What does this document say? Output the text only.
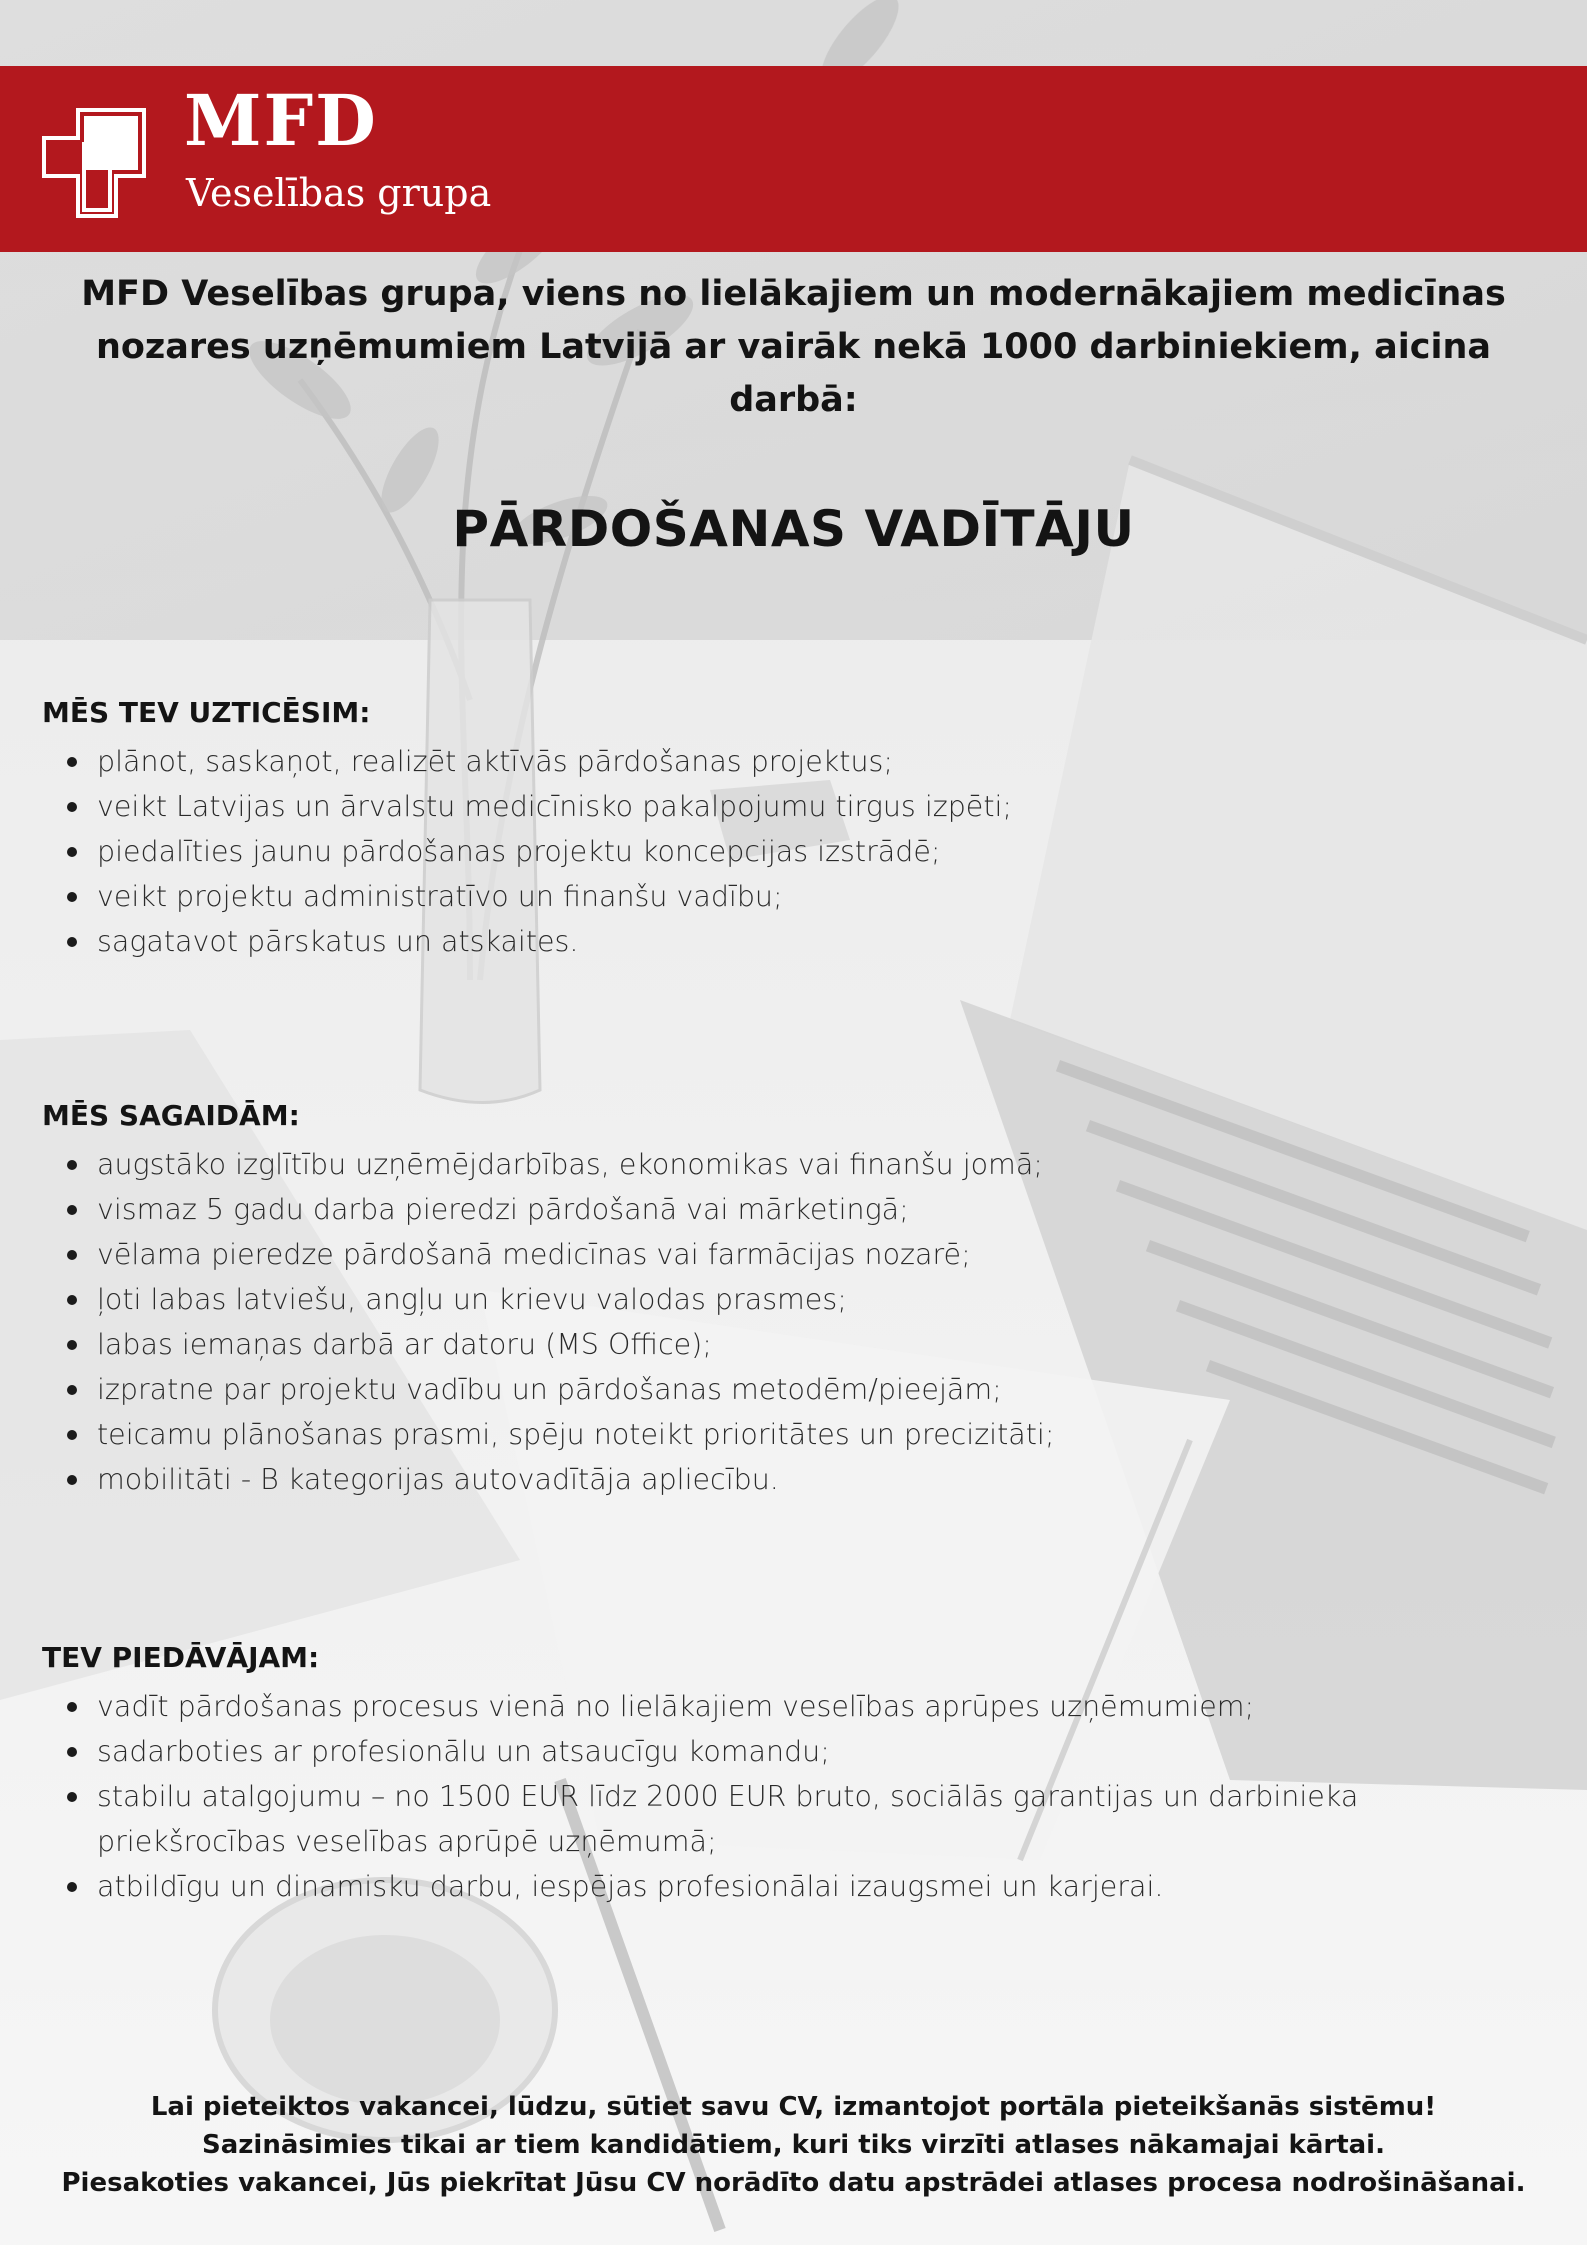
MFD
Veselības grupa
MFD Veselības grupa, viens no lielākajiem un modernākajiem medicīnas
nozares uzņēmumiem Latvijā ar vairāk nekā 1000 darbiniekiem, aicina
darbā:
PĀRDOŠANAS VADĪTĀJU
MĒS TEV UZTICĒSIM:
plānot, saskaņot, realizēt aktīvās pārdošanas projektus;
veikt Latvijas un ārvalstu medicīnisko pakalpojumu tirgus izpēti;
piedalīties jaunu pārdošanas projektu koncepcijas izstrādē;
veikt projektu administratīvo un finanšu vadību;
sagatavot pārskatus un atskaites.
MĒS SAGAIDĀM:
augstāko izglītību uzņēmējdarbības, ekonomikas vai finanšu jomā;
vismaz 5 gadu darba pieredzi pārdošanā vai mārketingā;
vēlama pieredze pārdošanā medicīnas vai farmācijas nozarē;
ļoti labas latviešu, angļu un krievu valodas prasmes;
labas iemaņas darbā ar datoru (MS Office);
izpratne par projektu vadību un pārdošanas metodēm/pieejām;
teicamu plānošanas prasmi, spēju noteikt prioritātes un precizitāti;
mobilitāti - B kategorijas autovadītāja apliecību.
TEV PIEDĀVĀJAM:
vadīt pārdošanas procesus vienā no lielākajiem veselības aprūpes uzņēmumiem;
sadarboties ar profesionālu un atsaucīgu komandu;
stabilu atalgojumu – no 1500 EUR līdz 2000 EUR bruto, sociālās garantijas un darbinieka priekšrocības veselības aprūpē uzņēmumā;
atbildīgu un dinamisku darbu, iespējas profesionālai izaugsmei un karjerai.
Lai pieteiktos vakancei, lūdzu, sūtiet savu CV, izmantojot portāla pieteikšanās sistēmu!
Sazināsimies tikai ar tiem kandidātiem, kuri tiks virzīti atlases nākamajai kārtai.
Piesakoties vakancei, Jūs piekrītat Jūsu CV norādīto datu apstrādei atlases procesa nodrošināšanai.
